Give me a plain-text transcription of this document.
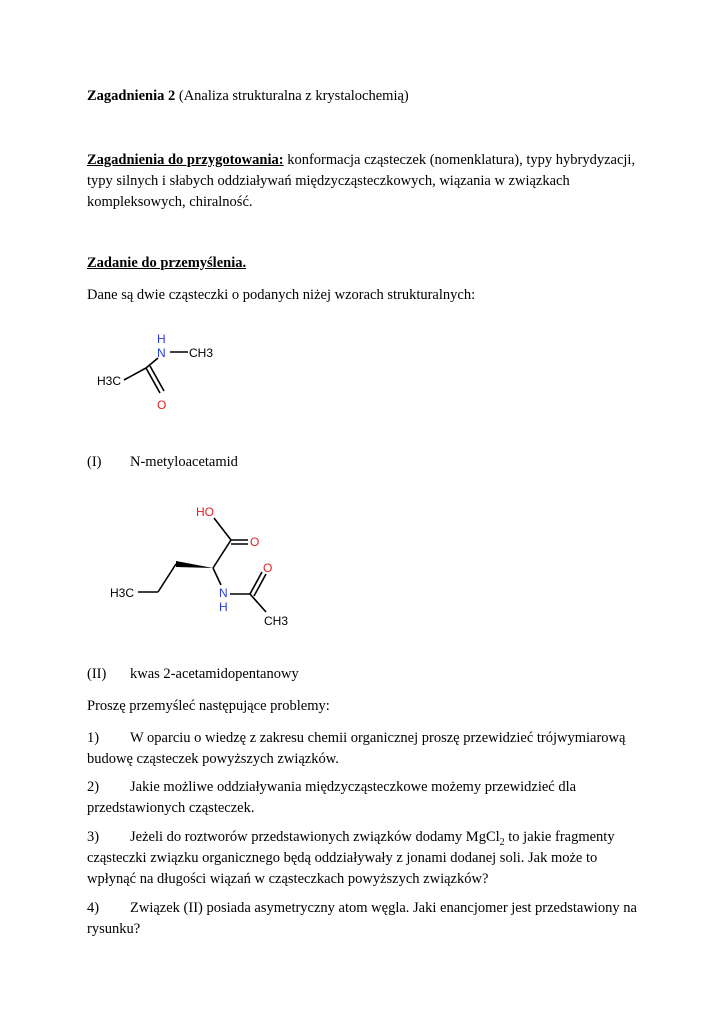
Zagadnienia 2 (Analiza strukturalna z krystalochemią)
Zagadnienia do przygotowania: konformacja cząsteczek (nomenklatura), typy hybrydyzacji, typy silnych i słabych oddziaływań międzycząsteczkowych, wiązania w związkach kompleksowych, chiralność.
Zadanie do przemyślenia.
Dane są dwie cząsteczki o podanych niżej wzorach strukturalnych:
H
N CH3
H3C
O
HO
O
H3C	N
H
O
CH3
(I) N-metyloacetamid
(II) kwas 2-acetamidopentanowy
Proszę przemyśleć następujące problemy:
1) W oparciu o wiedzę z zakresu chemii organicznej proszę przewidzieć trójwymiarową budowę cząsteczek powyższych związków.
2) Jakie możliwe oddziaływania międzycząsteczkowe możemy przewidzieć dla przedstawionych cząsteczek.
3) Jeżeli do roztworów przedstawionych związków dodamy MgCl$_2$ to jakie fragmenty cząsteczki związku organicznego będą oddziaływały z jonami dodanej soli. Jak może to wpłynąć na długości wiązań w cząsteczkach powyższych związków?
4) Związek (II) posiada asymetryczny atom węgla. Jaki enancjomer jest przedstawiony na rysunku?
